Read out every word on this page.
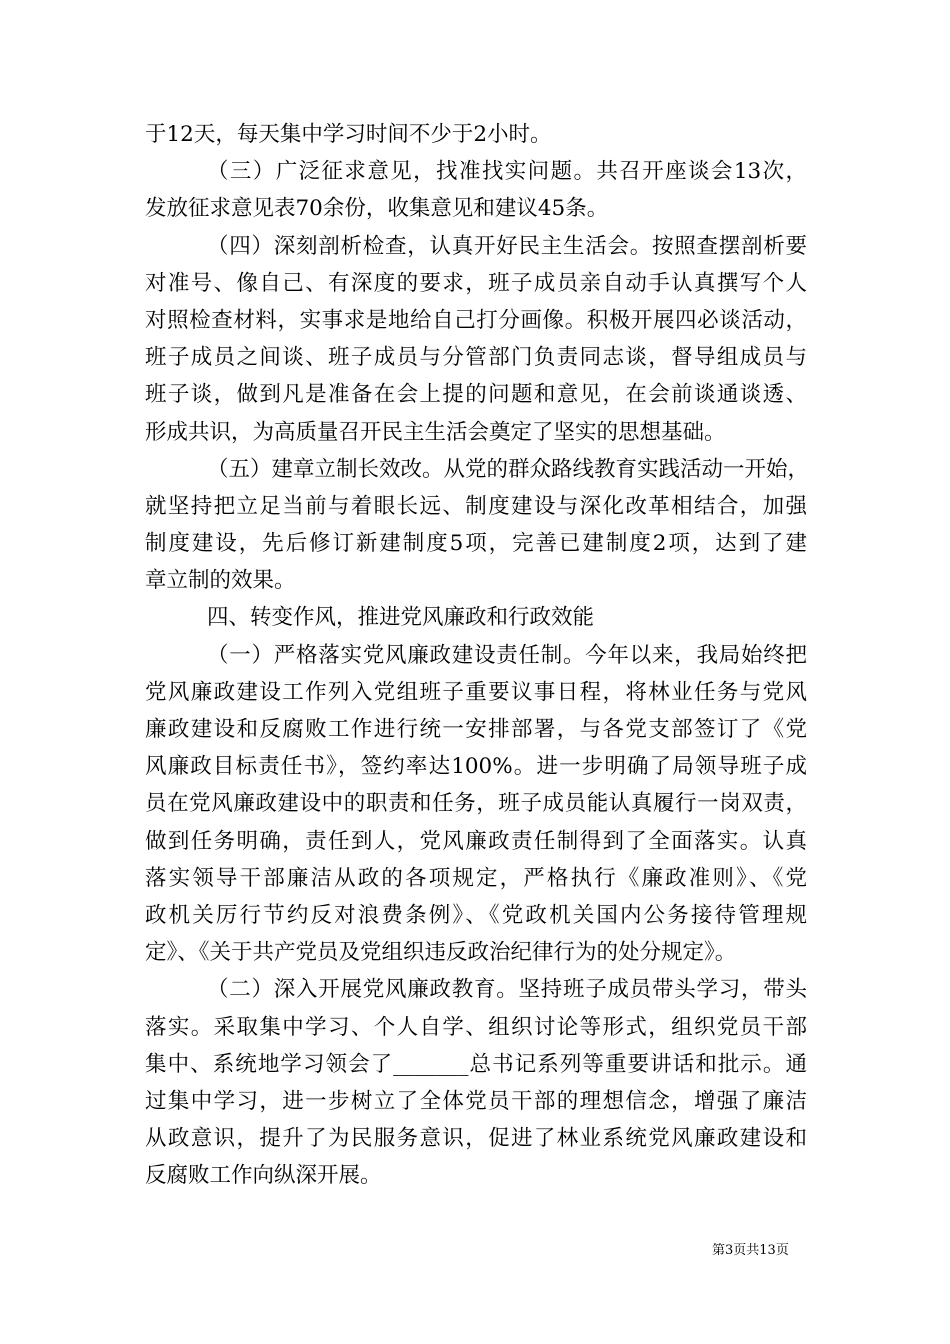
于12天，每天集中学习时间不少于2小时。
（三）广泛征求意见，找准找实问题。共召开座谈会13次，
发放征求意见表70余份，收集意见和建议45条。
（四）深刻剖析检查，认真开好民主生活会。按照查摆剖析要
对准号、像自己、有深度的要求，班子成员亲自动手认真撰写个人
对照检查材料，实事求是地给自己打分画像。积极开展四必谈活动，
班子成员之间谈、班子成员与分管部门负责同志谈，督导组成员与
班子谈，做到凡是准备在会上提的问题和意见，在会前谈通谈透、
形成共识，为高质量召开民主生活会奠定了坚实的思想基础。
（五）建章立制长效改。从党的群众路线教育实践活动一开始，
就坚持把立足当前与着眼长远、制度建设与深化改革相结合，加强
制度建设，先后修订新建制度5项，完善已建制度2项，达到了建
章立制的效果。
四、转变作风，推进党风廉政和行政效能
（一）严格落实党风廉政建设责任制。今年以来，我局始终把
党风廉政建设工作列入党组班子重要议事日程，将林业任务与党风
廉政建设和反腐败工作进行统一安排部署，与各党支部签订了《党
风廉政目标责任书》，签约率达100%。进一步明确了局领导班子成
员在党风廉政建设中的职责和任务，班子成员能认真履行一岗双责，
做到任务明确，责任到人，党风廉政责任制得到了全面落实。认真
落实领导干部廉洁从政的各项规定，严格执行《廉政准则》、《党
政机关厉行节约反对浪费条例》、《党政机关国内公务接待管理规
定》、《关于共产党员及党组织违反政治纪律行为的处分规定》。
（二）深入开展党风廉政教育。坚持班子成员带头学习，带头
落实。采取集中学习、个人自学、组织讨论等形式，组织党员干部
集中、系统地学习领会了_______总书记系列等重要讲话和批示。通
过集中学习，进一步树立了全体党员干部的理想信念，增强了廉洁
从政意识，提升了为民服务意识，促进了林业系统党风廉政建设和
反腐败工作向纵深开展。
第3页共13页
